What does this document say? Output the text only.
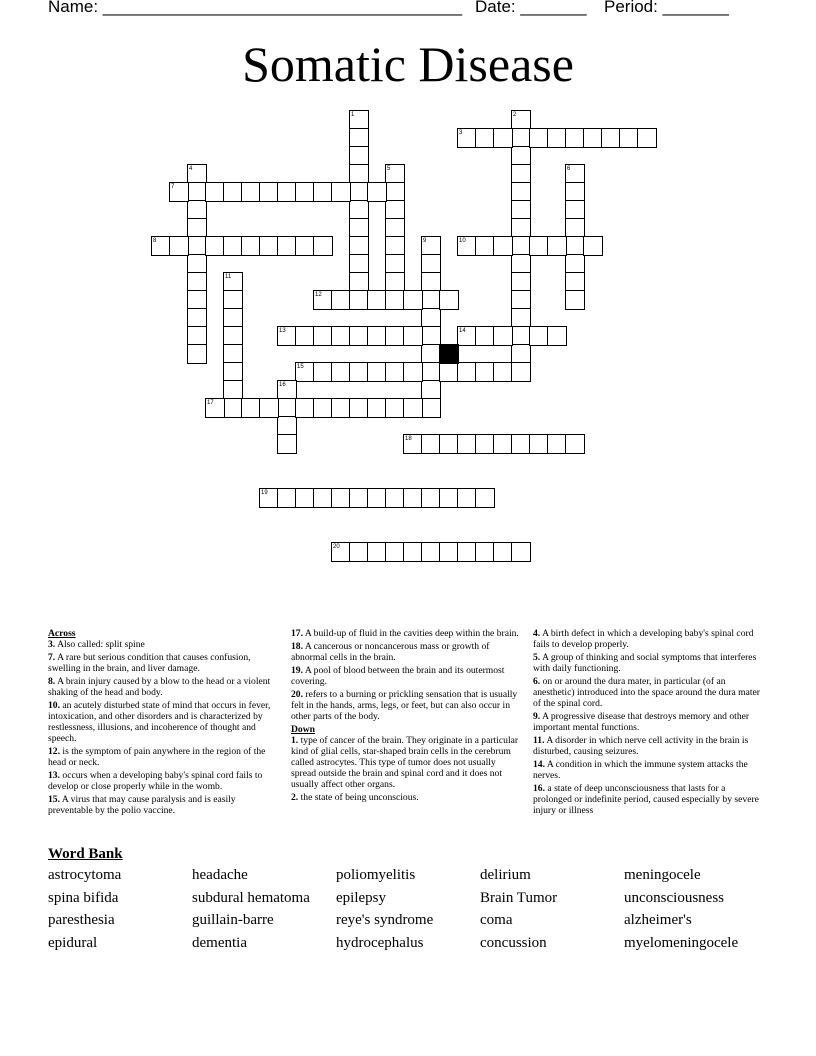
Name: ______________________________________ Date: _______ Period: _______
Somatic Disease
1	2
3
4	5	6
7
8	9	10
11
12
13	14
15
16
17
18
19
20
Across
3. Also called: split spine
7. A rare but serious condition that causes confusion, swelling in the brain, and liver damage.
8. A brain injury caused by a blow to the head or a violent shaking of the head and body.
10. an acutely disturbed state of mind that occurs in fever, intoxication, and other disorders and is characterized by restlessness, illusions, and incoherence of thought and speech.
12. is the symptom of pain anywhere in the region of the head or neck.
13. occurs when a developing baby's spinal cord fails to develop or close properly while in the womb.
15. A virus that may cause paralysis and is easily preventable by the polio vaccine.
17. A build-up of fluid in the cavities deep within the brain.
18. A cancerous or noncancerous mass or growth of abnormal cells in the brain.
19. A pool of blood between the brain and its outermost covering.
20. refers to a burning or prickling sensation that is usually felt in the hands, arms, legs, or feet, but can also occur in other parts of the body.
Down
1. type of cancer of the brain. They originate in a particular kind of glial cells, star-shaped brain cells in the cerebrum called astrocytes. This type of tumor does not usually spread outside the brain and spinal cord and it does not usually affect other organs.
2. the state of being unconscious.
4. A birth defect in which a developing baby's spinal cord fails to develop properly.
5. A group of thinking and social symptoms that interferes with daily functioning.
6. on or around the dura mater, in particular (of an anesthetic) introduced into the space around the dura mater of the spinal cord.
9. A progressive disease that destroys memory and other important mental functions.
11. A disorder in which nerve cell activity in the brain is disturbed, causing seizures.
14. A condition in which the immune system attacks the nerves.
16. a state of deep unconsciousness that lasts for a prolonged or indefinite period, caused especially by severe injury or illness
Word Bank
astrocytoma	headache	poliomyelitis	delirium	meningocele
spina bifida	subdural hematoma	epilepsy	Brain Tumor	unconsciousness
paresthesia	guillain-barre	reye's syndrome	coma	alzheimer's
epidural	dementia	hydrocephalus	concussion	myelomeningocele
